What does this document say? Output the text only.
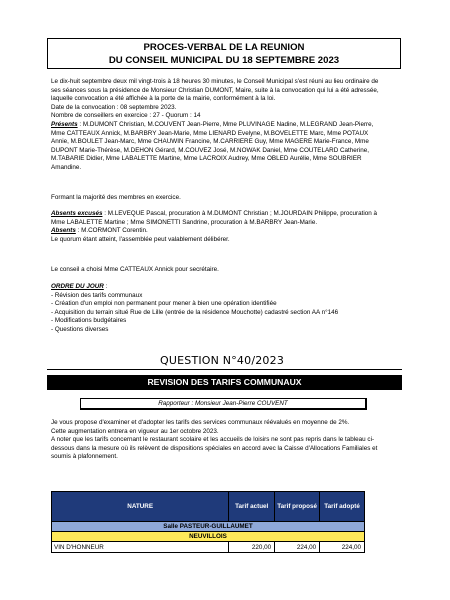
PROCES-VERBAL DE LA REUNION
DU CONSEIL MUNICIPAL DU 18 SEPTEMBRE 2023

Le dix-huit septembre deux mil vingt-trois à 18 heures 30 minutes, le Conseil Municipal s'est réuni au lieu ordinaire de ses séances sous la présidence de Monsieur Christian DUMONT, Maire, suite à la convocation qui lui a été adressée, laquelle convocation a été affichée à la porte de la mairie, conformément à la loi.

Date de la convocation : 08 septembre 2023.

Nombre de conseillers en exercice : 27 - Quorum : 14

Présents : M.DUMONT Christian, M.COUVENT Jean-Pierre, Mme PLUVINAGE Nadine, M.LEGRAND Jean-Pierre, Mme CATTEAUX Annick, M.BARBRY Jean-Marie, Mme LIENARD Evelyne, M.BOVELETTE Marc, Mme POTAUX Annie, M.BOULET Jean-Marc, Mme CHAUWIN Francine, M.CARRIERE Guy, Mme MAGERE Marie-France, Mme DUPONT Marie-Thérèse, M.DEHON Gérard, M.COUVEZ José, M.NOWAK Daniel, Mme COUTELARD Catherine, M.TABARIE Didier, Mme LABALETTE Martine, Mme LACROIX Audrey, Mme OBLED Aurélie, Mme SOUBRIER Amandine.

Formant la majorité des membres en exercice.

Absents excusés : M.LEVEQUE Pascal, procuration à M.DUMONT Christian ; M.JOURDAIN Philippe, procuration à Mme LABALETTE Martine ; Mme SIMONETTI Sandrine, procuration à M.BARBRY Jean-Marie.

Absents : M.CORMONT Corentin.

Le quorum étant atteint, l'assemblée peut valablement délibérer.

Le conseil a choisi Mme CATTEAUX Annick pour secrétaire.

ORDRE DU JOUR :

- Révision des tarifs communaux

- Création d'un emploi non permanent pour mener à bien une opération identifiée

- Acquisition du terrain situé Rue de Lille (entrée de la résidence Mouchotte) cadastré section AA n°146

- Modifications budgétaires

- Questions diverses

QUESTION N°40/2023
REVISION DES TARIFS COMMUNAUX
Rapporteur : Monsieur Jean-Pierre COUVENT

Je vous propose d'examiner et d'adopter les tarifs des services communaux réévalués en moyenne de 2%.

Cette augmentation entrera en vigueur au 1er octobre 2023.

A noter que les tarifs concernant le restaurant scolaire et les accueils de loisirs ne sont pas repris dans le tableau ci-dessous dans la mesure où ils relèvent de dispositions spéciales en accord avec la Caisse d'Allocations Familiales et soumis à plafonnement.

NATURE	Tarif actuel	Tarif proposé	Tarif adopté
Salle PASTEUR-GUILLAUMET			
NEUVILLOIS			
VIN D'HONNEUR	220,00	224,00	224,00
